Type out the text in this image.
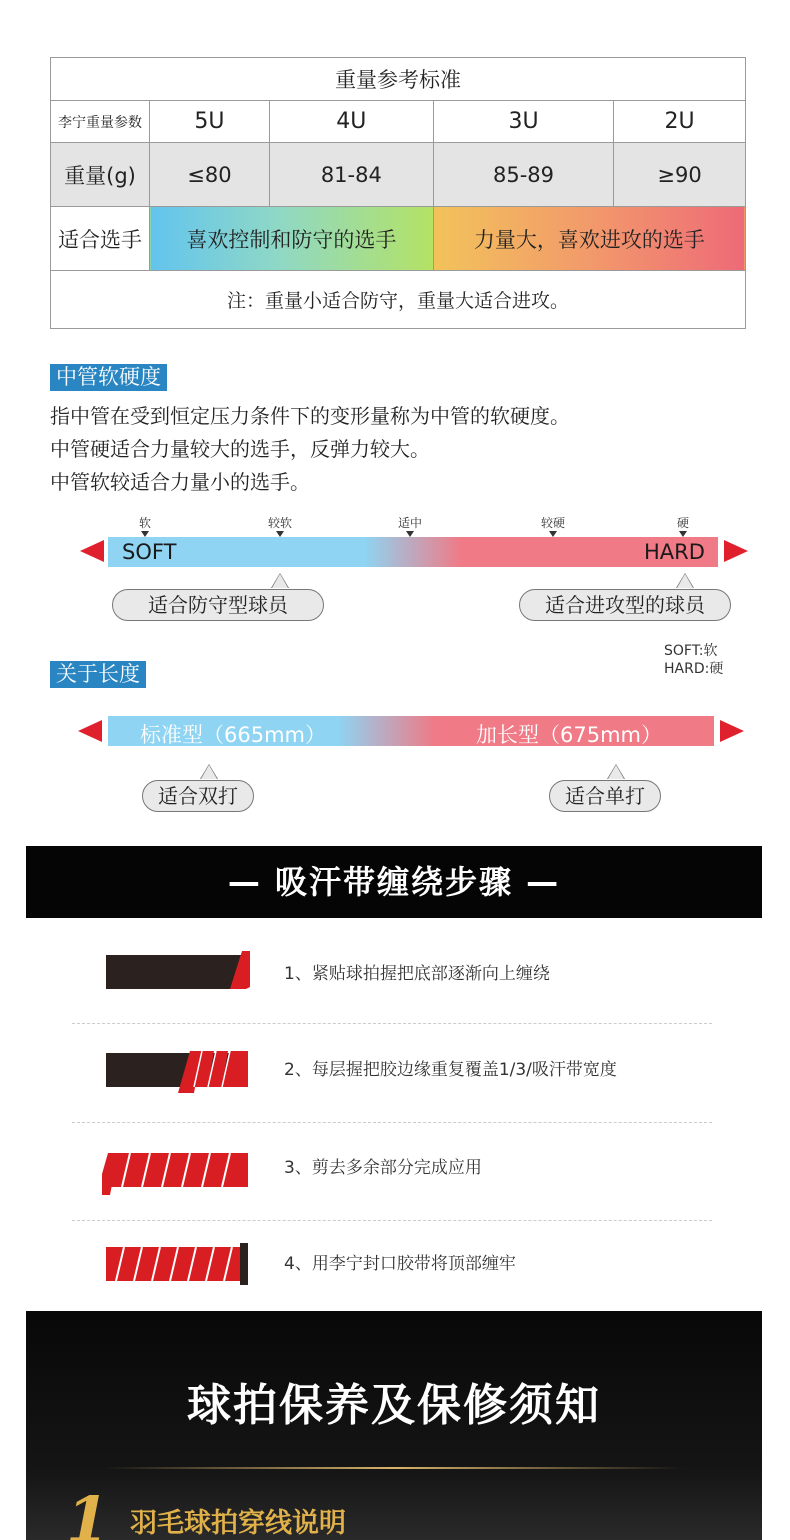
重量参考标准				
李宁重量参数	5U	4U	3U	2U
重量(g)	≤80	81-84	85-89	≥90
适合选手	喜欢控制和防守的选手		力量大，喜欢进攻的选手	
注：重量小适合防守，重量大适合进攻。				
中管软硬度
指中管在受到恒定压力条件下的变形量称为中管的软硬度。
中管硬适合力量较大的选手，反弹力较大。
中管软较适合力量小的选手。
软	较软	适中	较硬	硬
SOFT	HARD
适合防守型球员	适合进攻型的球员
SOFT:软
HARD:硬
关于长度
标准型（665mm）	加长型（675mm）
适合双打	适合单打
— 吸汗带缠绕步骤 —
1、紧贴球拍握把底部逐渐向上缠绕
2、每层握把胶边缘重复覆盖1/3/吸汗带宽度
3、剪去多余部分完成应用
4、用李宁封口胶带将顶部缠牢
球拍保养及保修须知
1 羽毛球拍穿线说明
